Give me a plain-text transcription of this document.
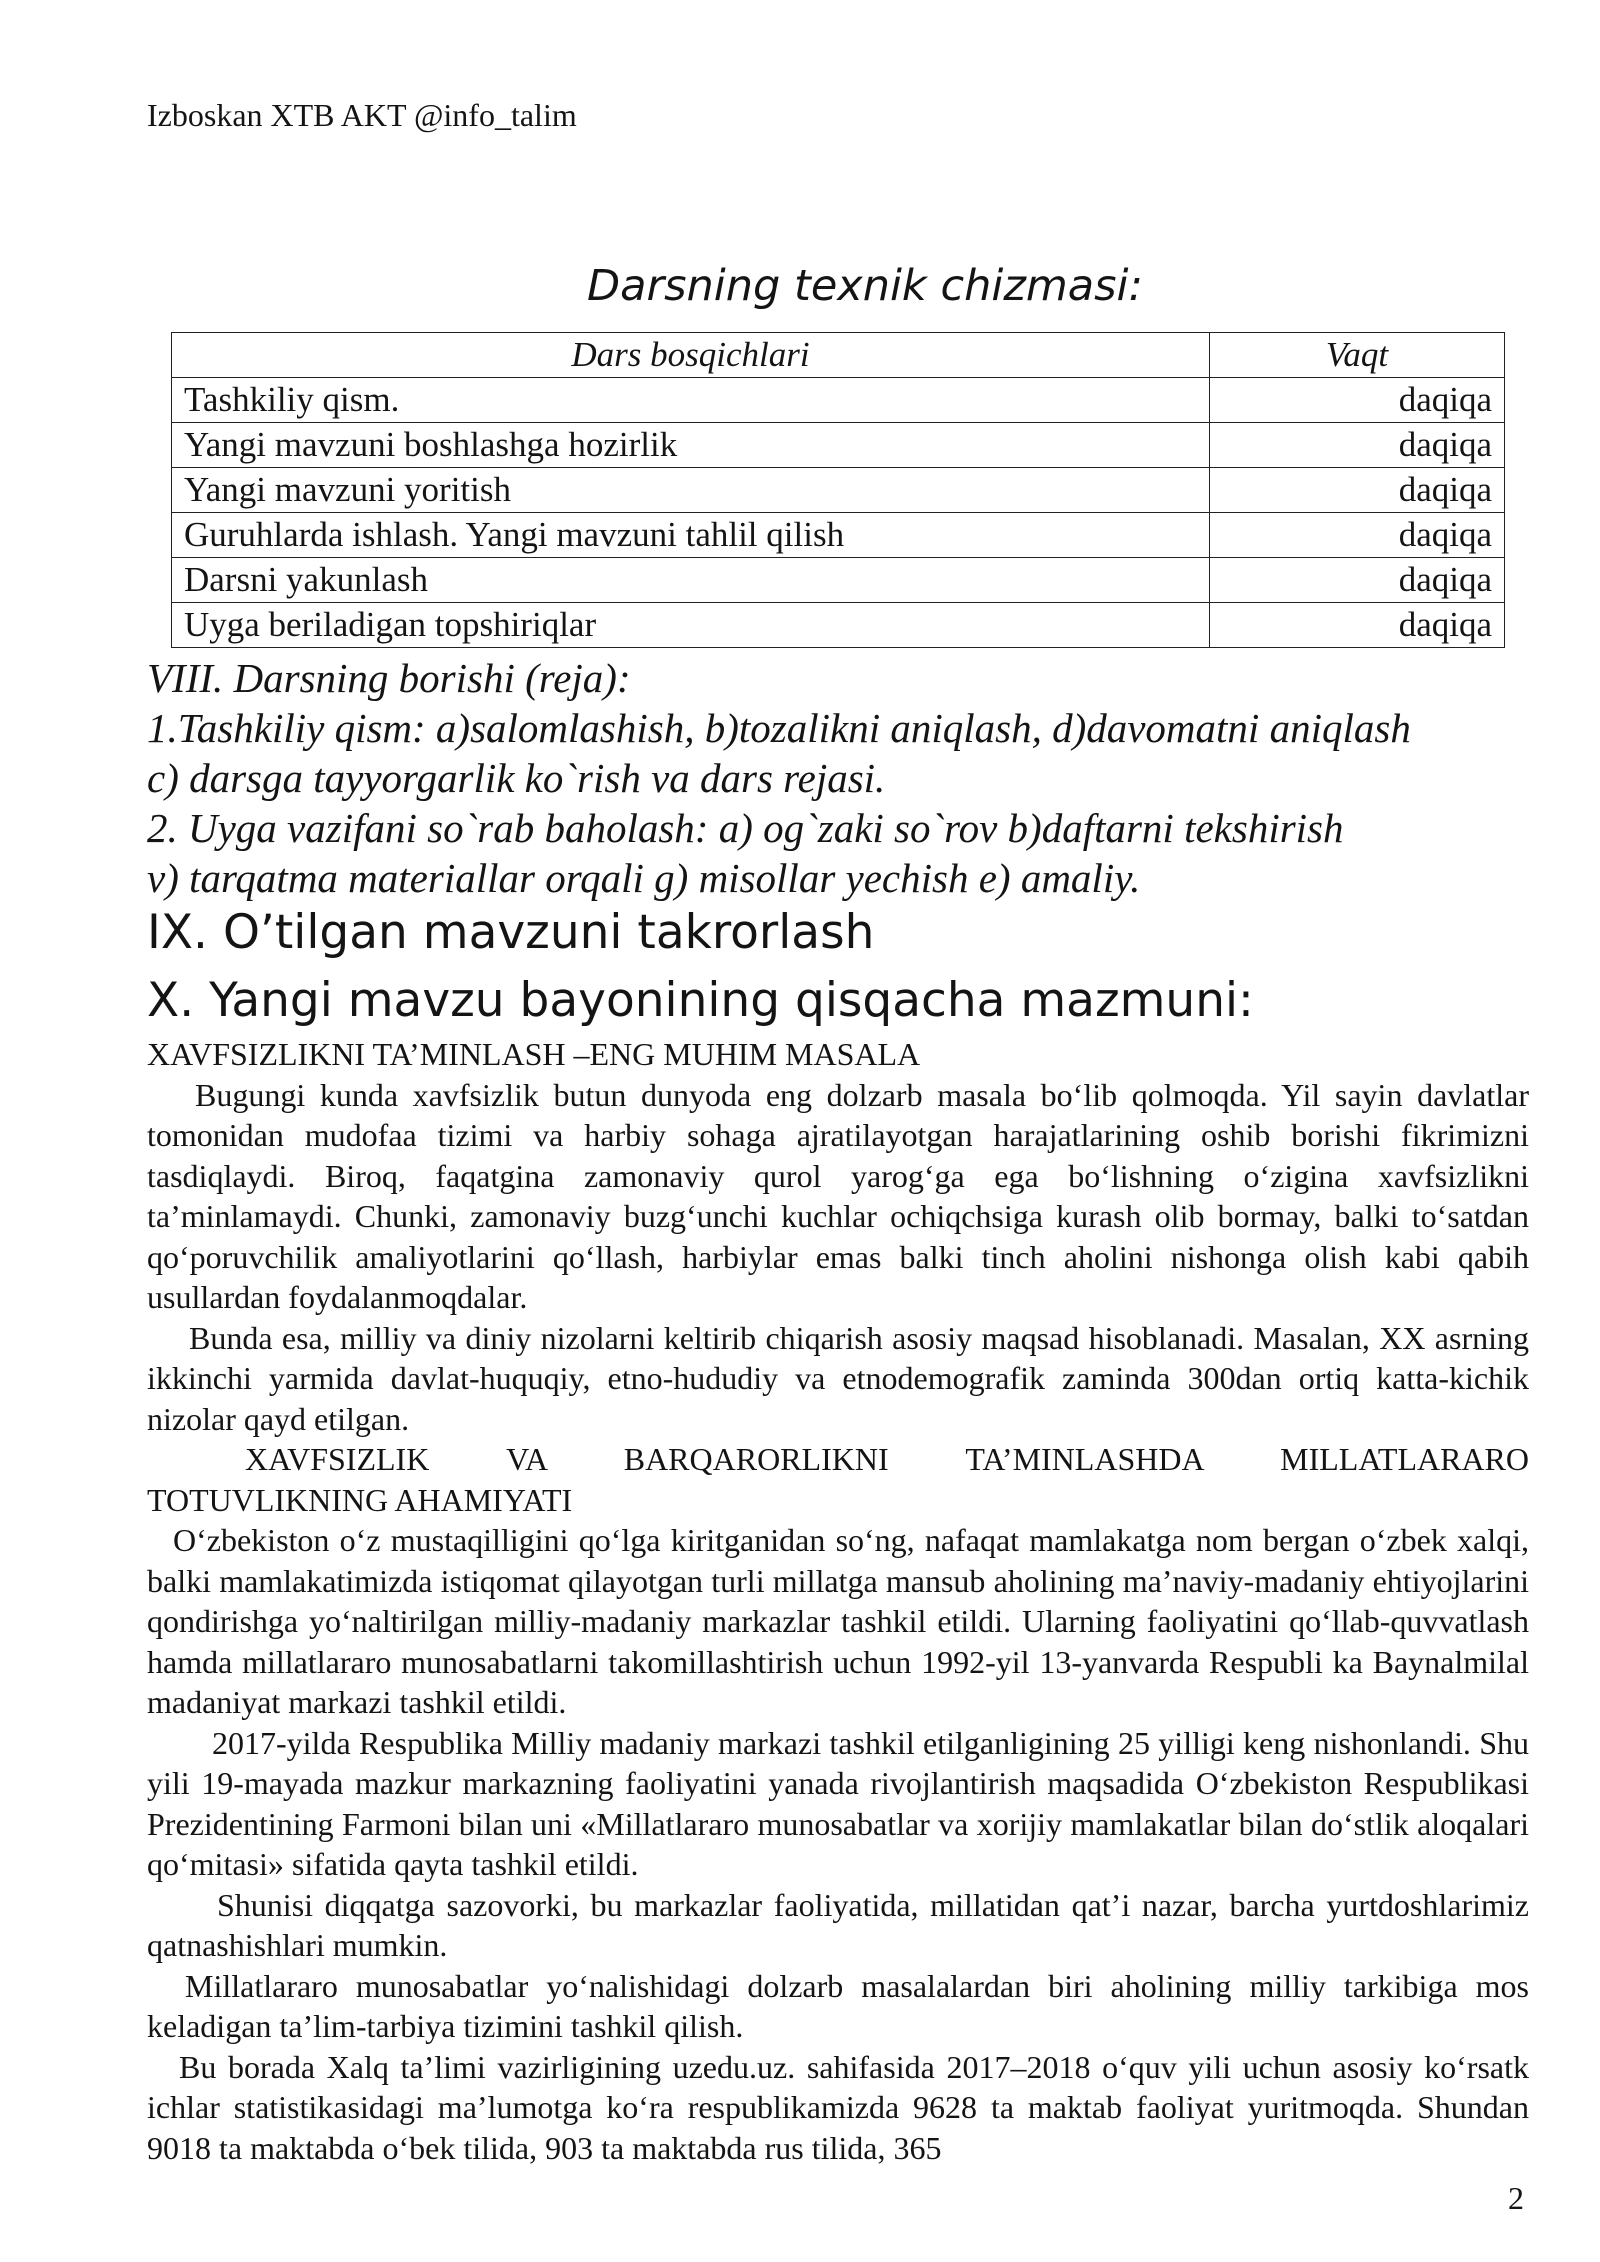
Izboskan XTB AKT @info_talim
Darsning texnik chizmasi:
Dars bosqichlari	Vaqt
Tashkiliy qism.	daqiqa
Yangi mavzuni boshlashga hozirlik	daqiqa
Yangi mavzuni yoritish	daqiqa
Guruhlarda ishlash. Yangi mavzuni tahlil qilish	daqiqa
Darsni yakunlash	daqiqa
Uyga beriladigan topshiriqlar	daqiqa
VIII. Darsning borishi (reja):
1.Tashkiliy qism: a)salomlashish, b)tozalikni aniqlash, d)davomatni aniqlash
c) darsga tayyorgarlik ko`rish va dars rejasi.
2. Uyga vazifani so`rab baholash: a) og`zaki so`rov b)daftarni tekshirish
v) tarqatma materiallar orqali g) misollar yechish e) amaliy.
IX. O’tilgan mavzuni takrorlash
X. Yangi mavzu bayonining qisqacha mazmuni:

XAVFSIZLIKNI TA’MINLASH –ENG MUHIM MASALA

Bugungi kunda xavfsizlik butun dunyoda eng dolzarb masala bo‘lib qolmoqda. Yil sayin davlatlar tomonidan mudofaa tizimi va harbiy sohaga ajratilayotgan harajatlarining oshib borishi fikrimizni tasdiqlaydi. Biroq, faqatgina zamonaviy qurol yarog‘ga ega bo‘lishning o‘zigina xavfsizlikni ta’minlamaydi. Chunki, zamonaviy buzg‘unchi kuchlar ochiqchsiga kurash olib bormay, balki to‘satdan qo‘poruvchilik amaliyotlarini qo‘llash, harbiylar emas balki tinch aholini nishonga olish kabi qabih usullardan foydalanmoqdalar.

Bunda esa, milliy va diniy nizolarni keltirib chiqarish asosiy maqsad hisoblanadi. Masalan, XX asrning ikkinchi yarmida davlat-huquqiy, etno-hududiy va etnodemografik zaminda 300dan ortiq katta-kichik nizolar qayd etilgan.

XAVFSIZLIK VA BARQARORLIKNI TA’MINLASHDA MILLATLARARO

TOTUVLIKNING AHAMIYATI

O‘zbekiston o‘z mustaqilligini qo‘lga kiritganidan so‘ng, nafaqat mamlakatga nom bergan o‘zbek xalqi, balki mamlakatimizda istiqomat qilayotgan turli millatga mansub aholining ma’naviy-madaniy ehtiyojlarini qondirishga yo‘naltirilgan milliy-madaniy markazlar tashkil etildi. Ularning faoliyatini qo‘llab-quvvatlash hamda millatlararo munosabatlarni takomillashtirish uchun 1992-yil 13-yanvarda Respubli ka Baynalmilal madaniyat markazi tashkil etildi.

2017-yilda Respublika Milliy madaniy markazi tashkil etilganligining 25 yilligi keng nishonlandi. Shu yili 19-mayada mazkur markazning faoliyatini yanada rivojlantirish maqsadida O‘zbekiston Respublikasi Prezidentining Farmoni bilan uni «Millatlararo munosabatlar va xorijiy mamlakatlar bilan do‘stlik aloqalari qo‘mitasi» sifatida qayta tashkil etildi.

Shunisi diqqatga sazovorki, bu markazlar faoliyatida, millatidan qat’i nazar, barcha yurtdoshlarimiz qatnashishlari mumkin.

Millatlararo munosabatlar yo‘nalishidagi dolzarb masalalardan biri aholining milliy tarkibiga mos keladigan ta’lim-tarbiya tizimini tashkil qilish.

Bu borada Xalq ta’limi vazirligining uzedu.uz. sahifasida 2017–2018 o‘quv yili uchun asosiy ko‘rsatk ichlar statistikasidagi ma’lumotga ko‘ra respublikamizda 9628 ta maktab faoliyat yuritmoqda. Shundan 9018 ta maktabda o‘bek tilida, 903 ta maktabda rus tilida, 365

2
